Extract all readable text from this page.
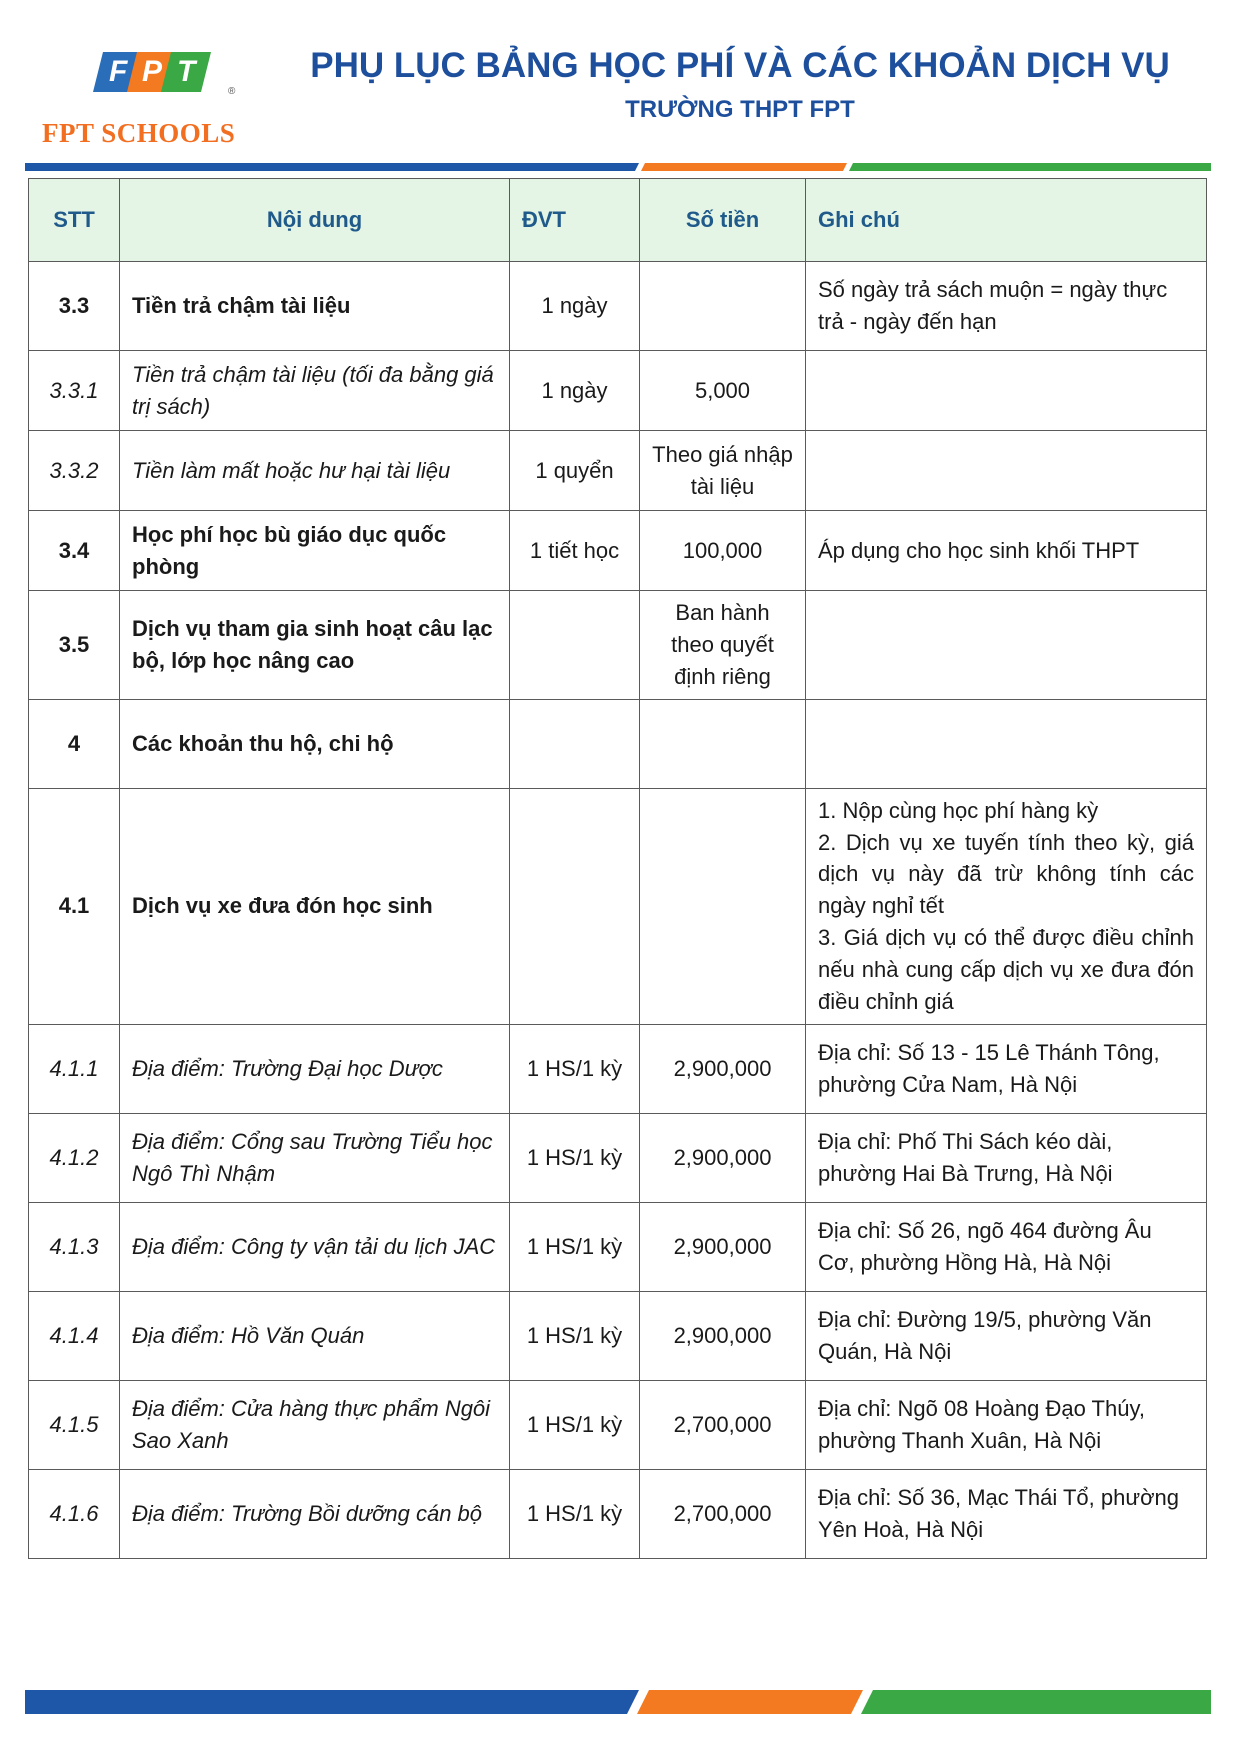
F P T
®
FPT SCHOOLS
PHỤ LỤC BẢNG HỌC PHÍ VÀ CÁC KHOẢN DỊCH VỤ
TRƯỜNG THPT FPT
STT	Nội dung	ĐVT	Số tiền	Ghi chú
3.3	Tiền trả chậm tài liệu	1 ngày		Số ngày trả sách muộn = ngày thực trả - ngày đến hạn
3.3.1	Tiền trả chậm tài liệu (tối đa bằng giá trị sách)	1 ngày	5,000	
3.3.2	Tiền làm mất hoặc hư hại tài liệu	1 quyển	Theo giá nhập tài liệu	
3.4	Học phí học bù giáo dục quốc phòng	1 tiết học	100,000	Áp dụng cho học sinh khối THPT
3.5	Dịch vụ tham gia sinh hoạt câu lạc bộ, lớp học nâng cao		Ban hành theo quyết định riêng	
4	Các khoản thu hộ, chi hộ			
4.1	Dịch vụ xe đưa đón học sinh			1. Nộp cùng học phí hàng kỳ
2. Dịch vụ xe tuyến tính theo kỳ, giá dịch vụ này đã trừ không tính các ngày nghỉ tết
3. Giá dịch vụ có thể được điều chỉnh nếu nhà cung cấp dịch vụ xe đưa đón điều chỉnh giá

4.1.1	Địa điểm: Trường Đại học Dược	1 HS/1 kỳ	2,900,000	Địa chỉ: Số 13 - 15 Lê Thánh Tông, phường Cửa Nam, Hà Nội
4.1.2	Địa điểm: Cổng sau Trường Tiểu học Ngô Thì Nhậm	1 HS/1 kỳ	2,900,000	Địa chỉ: Phố Thi Sách kéo dài, phường Hai Bà Trưng, Hà Nội
4.1.3	Địa điểm: Công ty vận tải du lịch JAC	1 HS/1 kỳ	2,900,000	Địa chỉ: Số 26, ngõ 464 đường Âu Cơ, phường Hồng Hà, Hà Nội
4.1.4	Địa điểm: Hồ Văn Quán	1 HS/1 kỳ	2,900,000	Địa chỉ: Đường 19/5, phường Văn Quán, Hà Nội
4.1.5	Địa điểm: Cửa hàng thực phẩm Ngôi Sao Xanh	1 HS/1 kỳ	2,700,000	Địa chỉ: Ngõ 08 Hoàng Đạo Thúy, phường Thanh Xuân, Hà Nội
4.1.6	Địa điểm: Trường Bồi dưỡng cán bộ	1 HS/1 kỳ	2,700,000	Địa chỉ: Số 36, Mạc Thái Tổ, phường Yên Hoà, Hà Nội
